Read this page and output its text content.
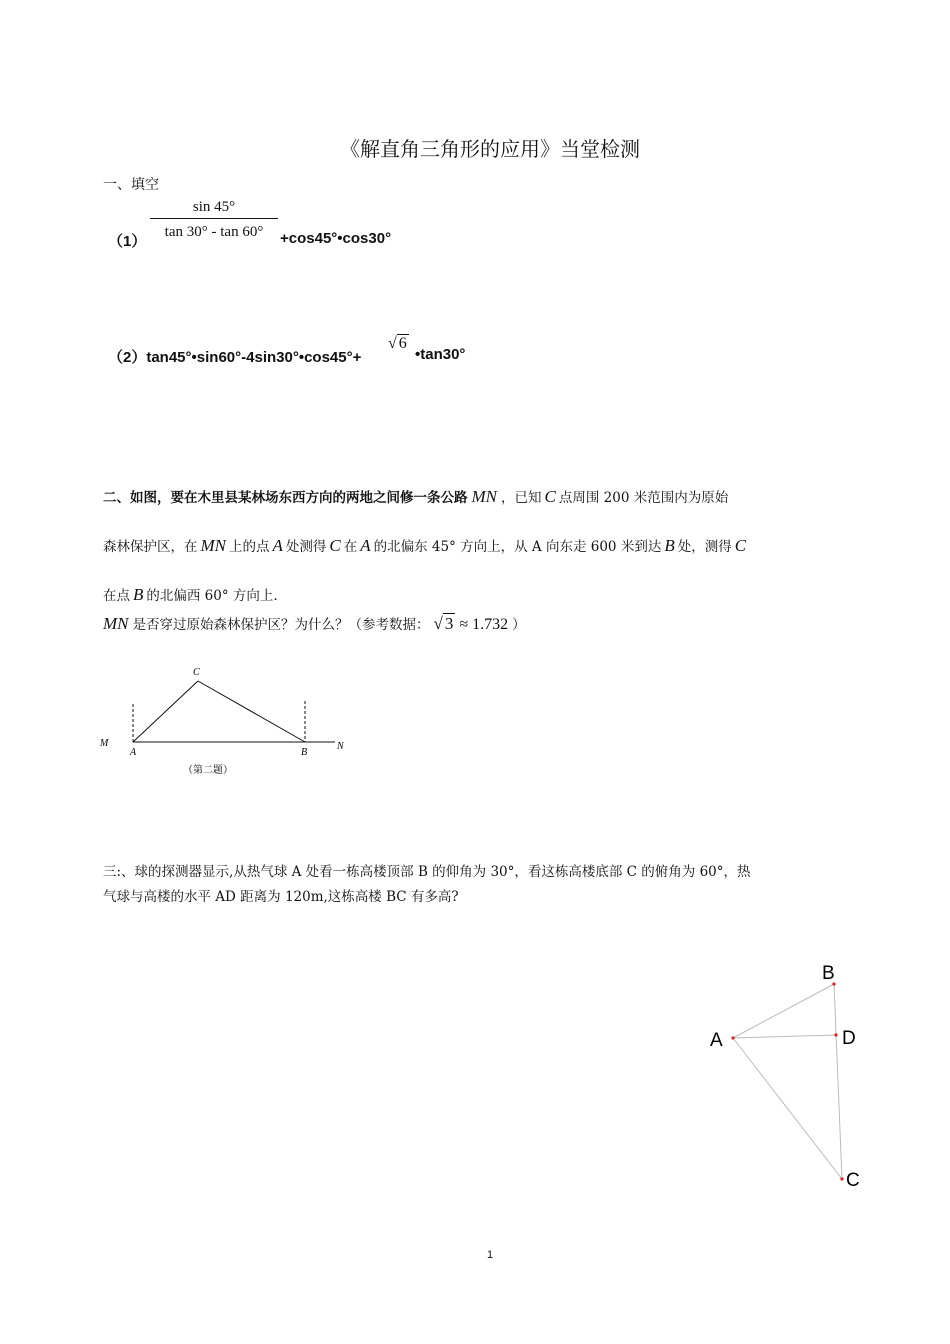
《解直角三角形的应用》当堂检测
一、填空
sin 45°
tan 30° - tan 60°
（1）	+cos45°•cos30°
（2）tan45°•sin60°-4sin30°•cos45°+
√ 6
•tan30°
二、如图，要在木里县某林场东西方向的两地之间修一条公路 MN ，已知 C 点周围 200 米范围内为原始
森林保护区，在 MN 上的点 A 处测得 C 在 A 的北偏东 45° 方向上，从 A 向东走 600 米到达 B 处，测得 C
在点 B 的北偏西 60° 方向上.
MN 是否穿过原始森林保护区？为什么？（参考数据： √ 3 ≈ 1.732 ）
C
M
A	B
N
（第二题）
三:、球的探测器显示,从热气球 A 处看一栋高楼顶部 B 的仰角为 30°，看这栋高楼底部 C 的俯角为 60°，热
气球与高楼的水平 AD 距离为 120m,这栋高楼 BC 有多高?
A
B
D
C
1
